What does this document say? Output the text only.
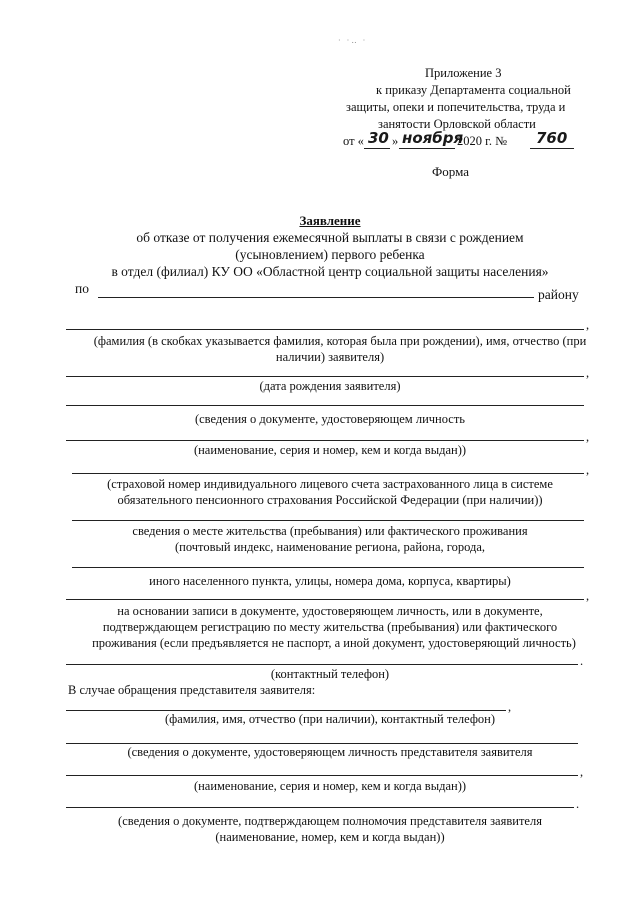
· ·‥ ·
Приложение 3
к приказу Департамента социальной
защиты, опеки и попечительства, труда и
занятости Орловской области
от « 30 » ноября
2020 г. № 760
Форма
Заявление
об отказе от получения ежемесячной выплаты в связи с рождением
(усыновлением) первого ребенка
в отдел (филиал) КУ ОО «Областной центр социальной защиты населения»
по	району
,
(фамилия (в скобках указывается фамилия, которая была при рождении), имя, отчество (при
наличии) заявителя)
,
(дата рождения заявителя)
(сведения о документе, удостоверяющем личность
,
(наименование, серия и номер, кем и когда выдан))
,
(страховой номер индивидуального лицевого счета застрахованного лица в системе
обязательного пенсионного страхования Российской Федерации (при наличии))
сведения о месте жительства (пребывания) или фактического проживания
(почтовый индекс, наименование региона, района, города,
иного населенного пункта, улицы, номера дома, корпуса, квартиры)
,
на основании записи в документе, удостоверяющем личность, или в документе,
подтверждающем регистрацию по месту жительства (пребывания) или фактического
проживания (если предъявляется не паспорт, а иной документ, удостоверяющий личность)
.
(контактный телефон)
В случае обращения представителя заявителя:
,
(фамилия, имя, отчество (при наличии), контактный телефон)
(сведения о документе, удостоверяющем личность представителя заявителя
,
(наименование, серия и номер, кем и когда выдан))
.
(сведения о документе, подтверждающем полномочия представителя заявителя
(наименование, номер, кем и когда выдан))
